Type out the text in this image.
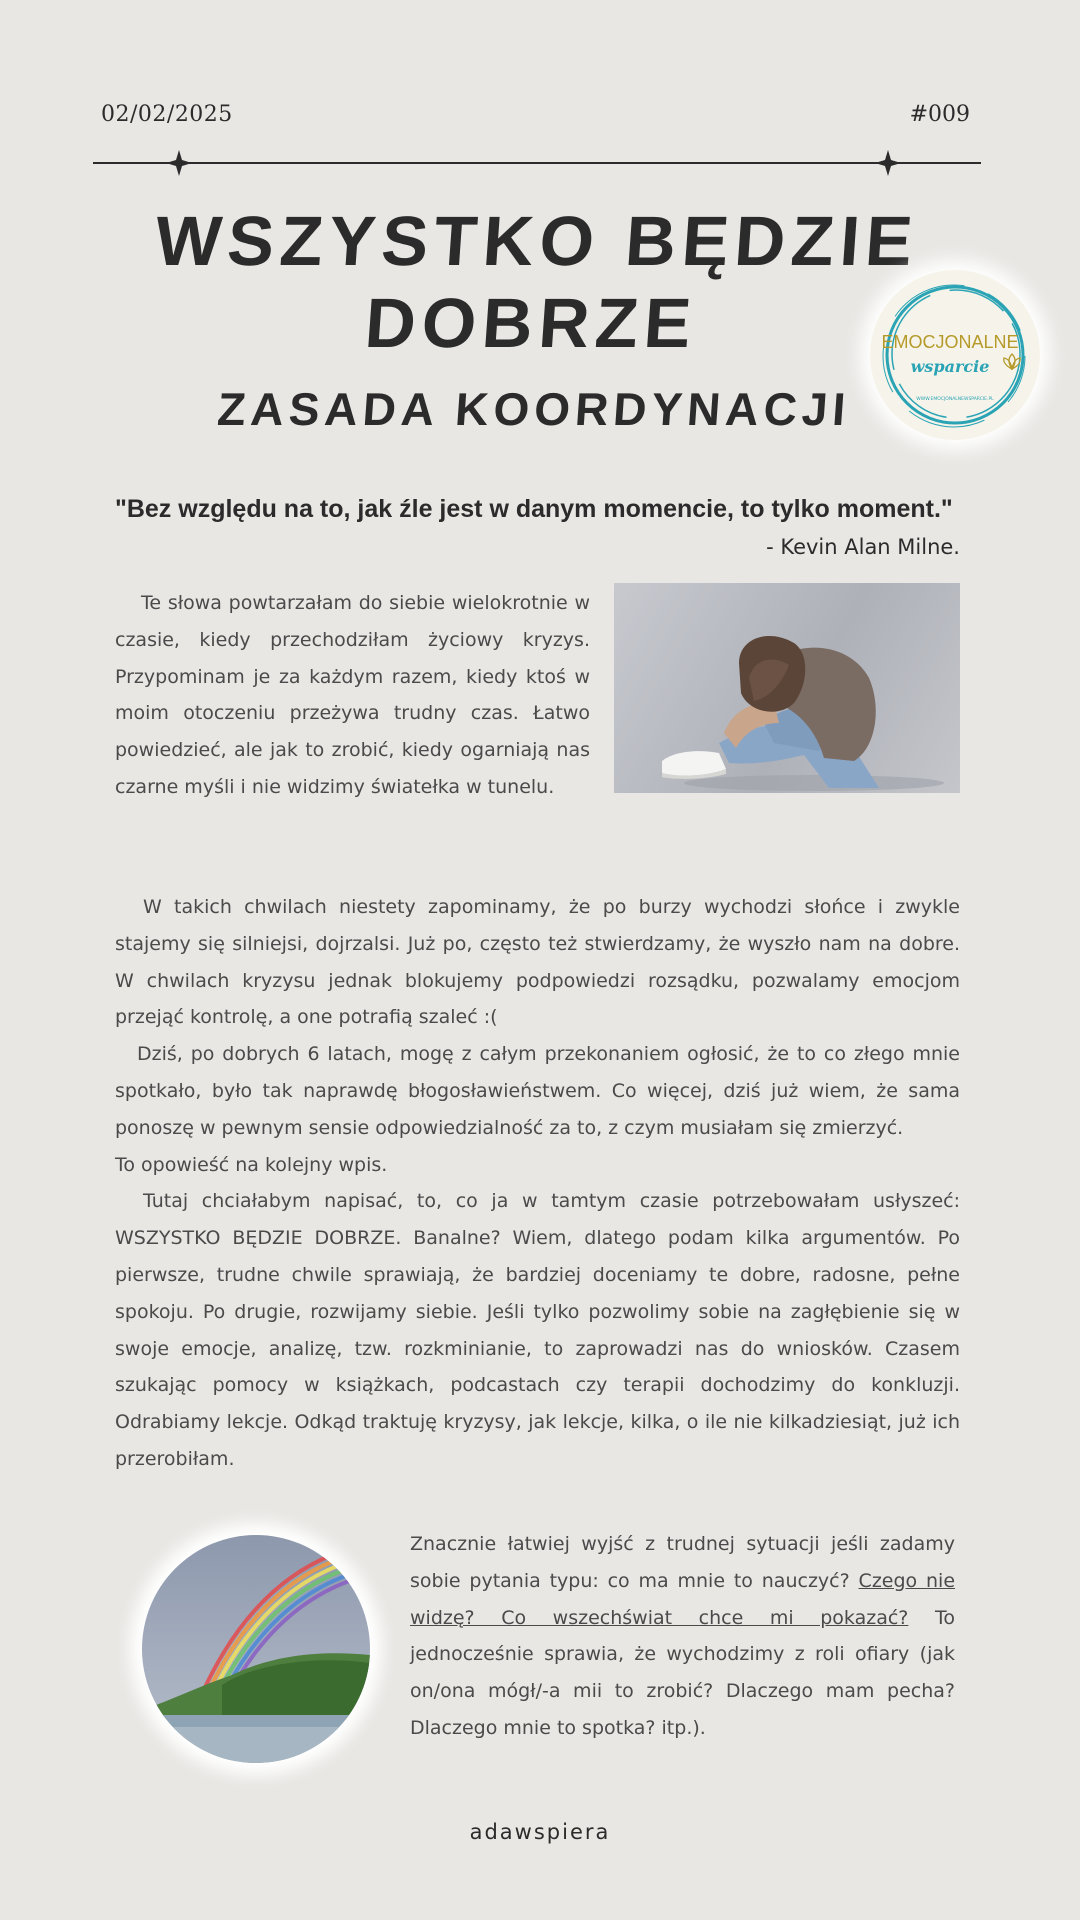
02/02/2025	#009
WSZYSTKO BĘDZIE DOBRZE
ZASADA KOORDYNACJI
EMOCJONALNE
wsparcie
WWW.EMOCJONALNEWSPARCIE.PL
"Bez względu na to, jak źle jest w danym momencie, to tylko moment."
- Kevin Alan Milne.

Te słowa powtarzałam do siebie wielokrotnie w czasie, kiedy przechodziłam życiowy kryzys. Przypominam je za każdym razem, kiedy ktoś w moim otoczeniu przeżywa trudny czas. Łatwo powiedzieć, ale jak to zrobić, kiedy ogarniają nas czarne myśli i nie widzimy światełka w tunelu.

W takich chwilach niestety zapominamy, że po burzy wychodzi słońce i zwykle stajemy się silniejsi, dojrzalsi. Już po, często też stwierdzamy, że wyszło nam na dobre. W chwilach kryzysu jednak blokujemy podpowiedzi rozsądku, pozwalamy emocjom przejąć kontrolę, a one potrafią szaleć :(

Dziś, po dobrych 6 latach, mogę z całym przekonaniem ogłosić, że to co złego mnie spotkało, było tak naprawdę błogosławieństwem. Co więcej, dziś już wiem, że sama ponoszę w pewnym sensie odpowiedzialność za to, z czym musiałam się zmierzyć.

To opowieść na kolejny wpis.

Tutaj chciałabym napisać, to, co ja w tamtym czasie potrzebowałam usłyszeć: WSZYSTKO BĘDZIE DOBRZE. Banalne? Wiem, dlatego podam kilka argumentów. Po pierwsze, trudne chwile sprawiają, że bardziej doceniamy te dobre, radosne, pełne spokoju. Po drugie, rozwijamy siebie. Jeśli tylko pozwolimy sobie na zagłębienie się w swoje emocje, analizę, tzw. rozkminianie, to zaprowadzi nas do wniosków. Czasem szukając pomocy w książkach, podcastach czy terapii dochodzimy do konkluzji. Odrabiamy lekcje. Odkąd traktuję kryzysy, jak lekcje, kilka, o ile nie kilkadziesiąt, już ich przerobiłam.

Znacznie łatwiej wyjść z trudnej sytuacji jeśli zadamy sobie pytania typu: co ma mnie to nauczyć? Czego nie widzę? Co wszechświat chce mi pokazać? To jednocześnie sprawia, że wychodzimy z roli ofiary (jak on/ona mógł/-a mii to zrobić? Dlaczego mam pecha? Dlaczego mnie to spotka? itp.).

adawspiera
